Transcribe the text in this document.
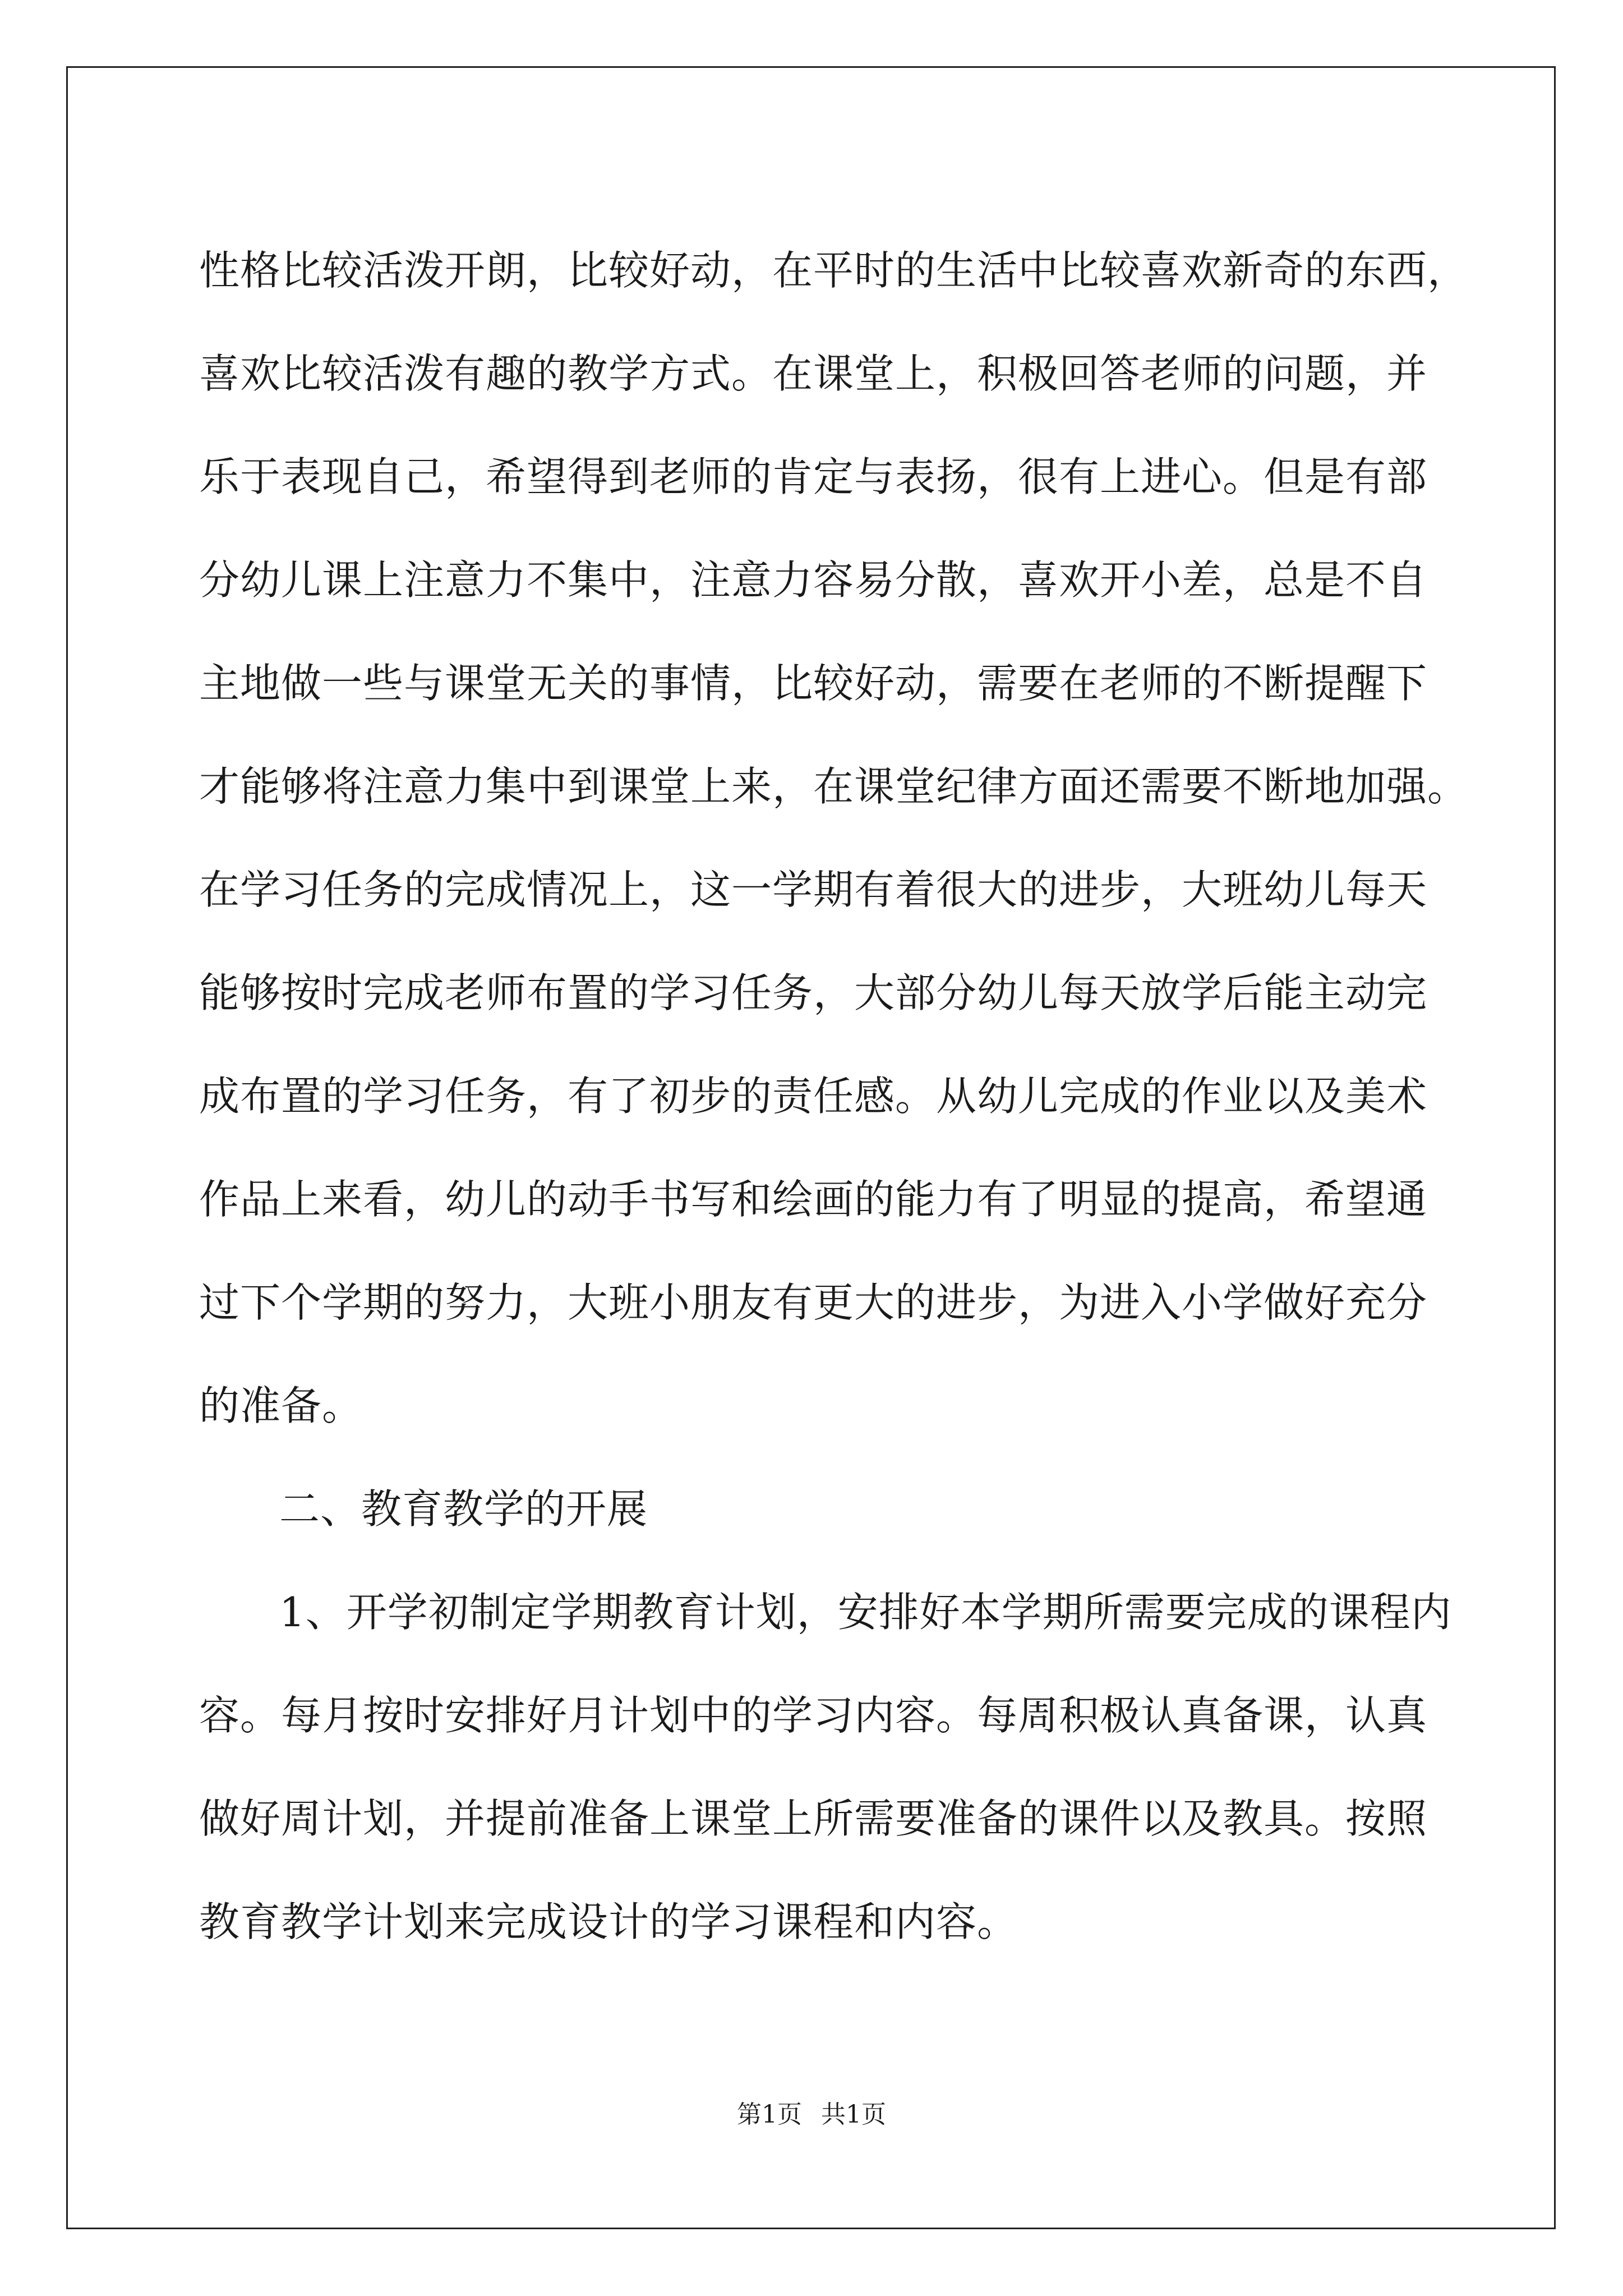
性格比较活泼开朗，比较好动，在平时的生活中比较喜欢新奇的东西，

喜欢比较活泼有趣的教学方式。在课堂上，积极回答老师的问题，并

乐于表现自己，希望得到老师的肯定与表扬，很有上进心。但是有部

分幼儿课上注意力不集中，注意力容易分散，喜欢开小差，总是不自

主地做一些与课堂无关的事情，比较好动，需要在老师的不断提醒下

才能够将注意力集中到课堂上来，在课堂纪律方面还需要不断地加强。

在学习任务的完成情况上，这一学期有着很大的进步，大班幼儿每天

能够按时完成老师布置的学习任务，大部分幼儿每天放学后能主动完

成布置的学习任务，有了初步的责任感。从幼儿完成的作业以及美术

作品上来看，幼儿的动手书写和绘画的能力有了明显的提高，希望通

过下个学期的努力，大班小朋友有更大的进步，为进入小学做好充分

的准备。

二、教育教学的开展

1、开学初制定学期教育计划，安排好本学期所需要完成的课程内

容。每月按时安排好月计划中的学习内容。每周积极认真备课，认真

做好周计划，并提前准备上课堂上所需要准备的课件以及教具。按照

教育教学计划来完成设计的学习课程和内容。

第1页 共1页
